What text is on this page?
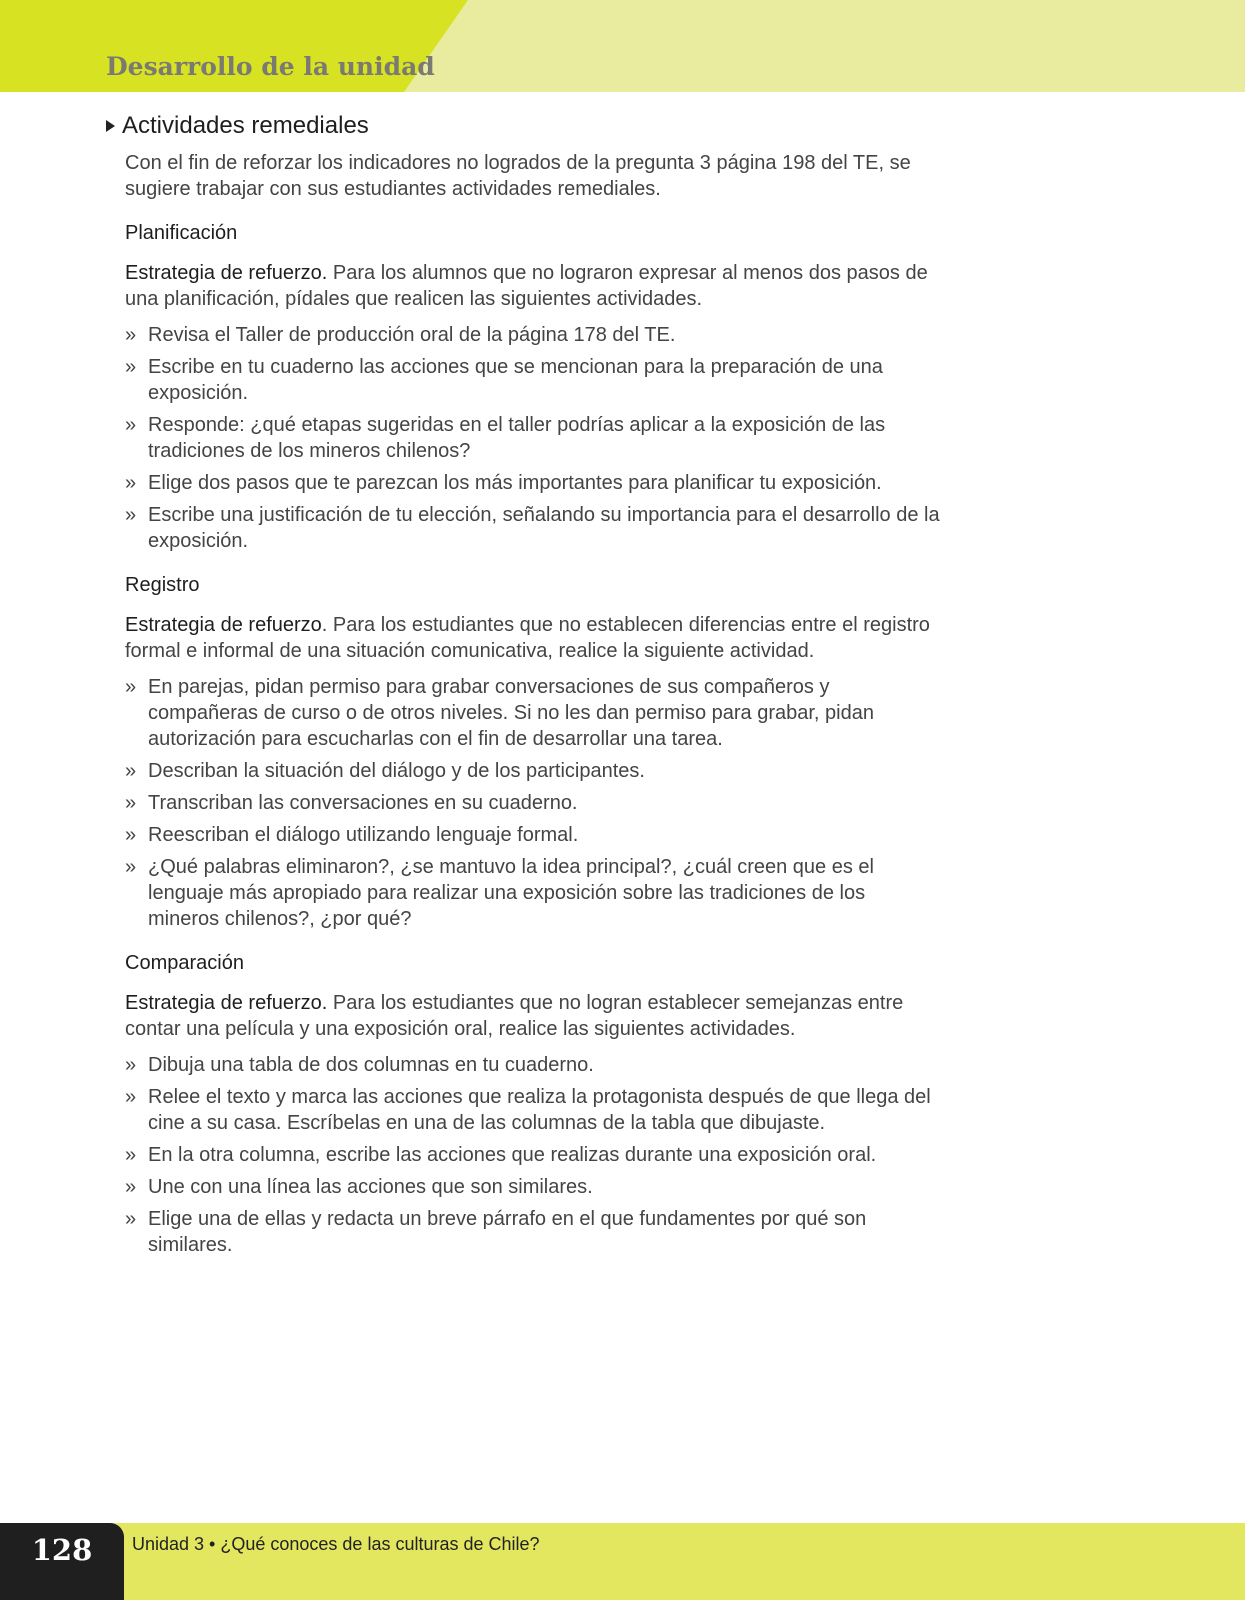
Desarrollo de la unidad
Actividades remediales

Con el fin de reforzar los indicadores no logrados de la pregunta 3 página 198 del TE, se sugiere trabajar con sus estudiantes actividades remediales.

Planificación

Estrategia de refuerzo. Para los alumnos que no lograron expresar al menos dos pasos de una planificación, pídales que realicen las siguientes actividades.

» Revisa el Taller de producción oral de la página 178 del TE.
» Escribe en tu cuaderno las acciones que se mencionan para la preparación de una exposición.
» Responde: ¿qué etapas sugeridas en el taller podrías aplicar a la exposición de las tradiciones de los mineros chilenos?
» Elige dos pasos que te parezcan los más importantes para planificar tu exposición.
» Escribe una justificación de tu elección, señalando su importancia para el desarrollo de la exposición.
Registro

Estrategia de refuerzo. Para los estudiantes que no establecen diferencias entre el registro formal e informal de una situación comunicativa, realice la siguiente actividad.

» En parejas, pidan permiso para grabar conversaciones de sus compañeros y compañeras de curso o de otros niveles. Si no les dan permiso para grabar, pidan autorización para escucharlas con el fin de desarrollar una tarea.
» Describan la situación del diálogo y de los participantes.
» Transcriban las conversaciones en su cuaderno.
» Reescriban el diálogo utilizando lenguaje formal.
» ¿Qué palabras eliminaron?, ¿se mantuvo la idea principal?, ¿cuál creen que es el lenguaje más apropiado para realizar una exposición sobre las tradiciones de los mineros chilenos?, ¿por qué?
Comparación

Estrategia de refuerzo. Para los estudiantes que no logran establecer semejanzas entre contar una película y una exposición oral, realice las siguientes actividades.

» Dibuja una tabla de dos columnas en tu cuaderno.
» Relee el texto y marca las acciones que realiza la protagonista después de que llega del cine a su casa. Escríbelas en una de las columnas de la tabla que dibujaste.
» En la otra columna, escribe las acciones que realizas durante una exposición oral.
» Une con una línea las acciones que son similares.
» Elige una de ellas y redacta un breve párrafo en el que fundamentes por qué son similares.
128	Unidad 3 • ¿Qué conoces de las culturas de Chile?
